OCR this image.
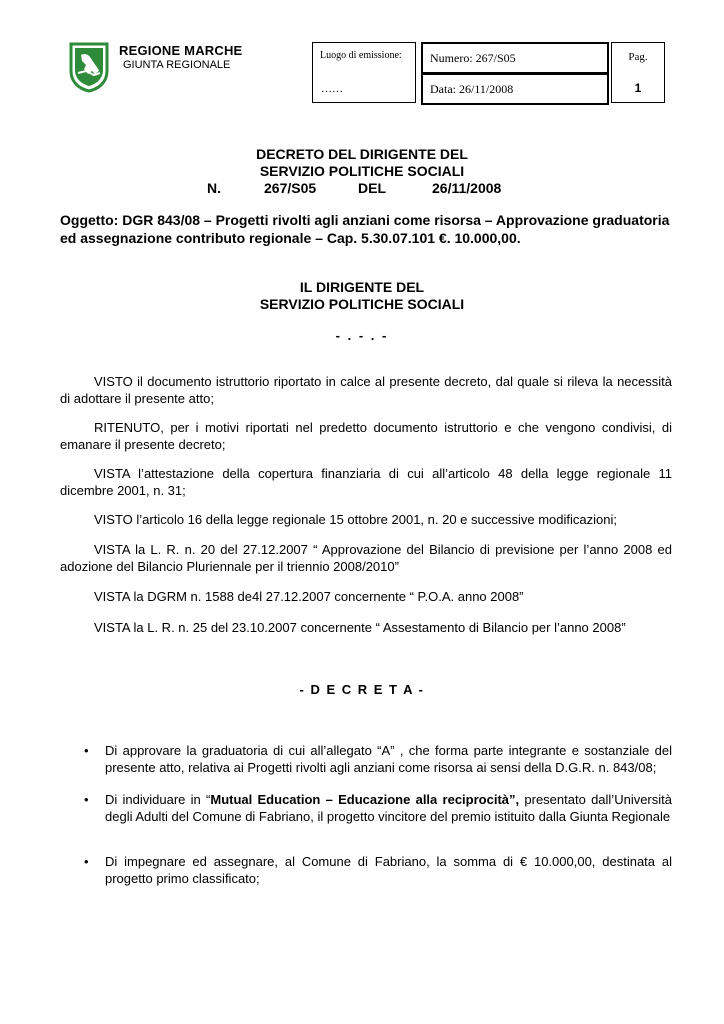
REGIONE MARCHE
GIUNTA REGIONALE
Luogo di emissione:
……
Numero: 267/S05
Data: 26/11/2008
Pag.
1
DECRETO DEL DIRIGENTE DEL
SERVIZIO POLITICHE SOCIALI
N.	267/S05	DEL	26/11/2008
Oggetto: DGR 843/08 – Progetti rivolti agli anziani come risorsa – Approvazione graduatoria ed assegnazione contributo regionale – Cap. 5.30.07.101 €. 10.000,00.
IL DIRIGENTE DEL
SERVIZIO POLITICHE SOCIALI
- . - . -
VISTO il documento istruttorio riportato in calce al presente decreto, dal quale si rileva la necessità di adottare il presente atto;
RITENUTO, per i motivi riportati nel predetto documento istruttorio e che vengono condivisi, di emanare il presente decreto;
VISTA l’attestazione della copertura finanziaria di cui all’articolo 48 della legge regionale 11 dicembre 2001, n. 31;
VISTO l’articolo 16 della legge regionale 15 ottobre 2001, n. 20 e successive modificazioni;
VISTA la L. R. n. 20 del 27.12.2007 “ Approvazione del Bilancio di previsione per l’anno 2008 ed adozione del Bilancio Pluriennale per il triennio 2008/2010”
VISTA la DGRM n. 1588 de4l 27.12.2007 concernente “ P.O.A. anno 2008”
VISTA la L. R. n. 25 del 23.10.2007 concernente “ Assestamento di Bilancio per l’anno 2008”
- D E C R E T A -
• Di approvare la graduatoria di cui all’allegato “A” , che forma parte integrante e sostanziale del presente atto, relativa ai Progetti rivolti agli anziani come risorsa ai sensi della D.G.R. n. 843/08;
• Di individuare in “Mutual Education – Educazione alla reciprocità”, presentato dall’Università degli Adulti del Comune di Fabriano, il progetto vincitore del premio istituito dalla Giunta Regionale
• Di impegnare ed assegnare, al Comune di Fabriano, la somma di € 10.000,00, destinata al progetto primo classificato;
